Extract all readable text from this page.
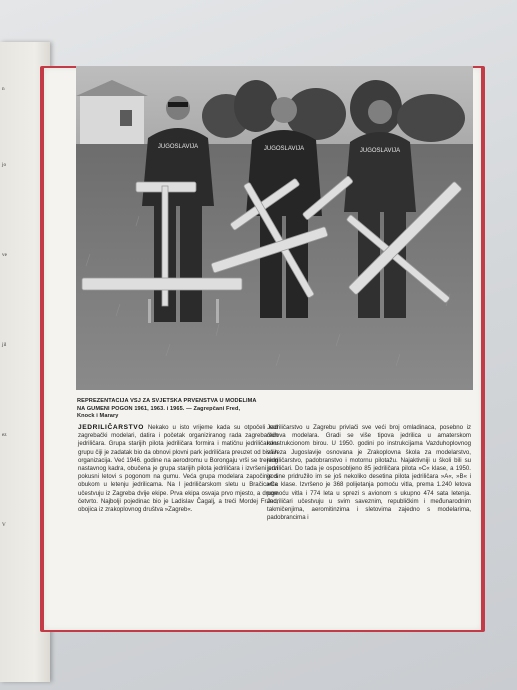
n
jo
ve
jil
ez
V
JUGOSLAVIJA	JUGOSLAVIJA	JUGOSLAVIJA
REPREZENTACIJA VSJ ZA SVJETSKA PRVENSTVA U MODELIMA
NA GUMENI POGON 1961, 1963. i 1965. — Zagrepčani Fred,
Knock i Marary

JEDRILIČARSTVO Nekako u isto vrijeme kada su otpočeli rad zagrebački modelari, datira i početak organiziranog rada zagrebačkih jedriličara. Grupa starijih pilota jedriličara formira i matičnu jedriličarsku grupu čiji je zadatak bio da obnovi plovni park jedriličara preuzet od bivših organizacija. Već 1946. godine na aerodromu u Borongaju vrši se trening nastavnog kadra, obučena je grupa starijih pilota jedriličara i izvršeni prvi pokusni letovi s pogonom na gumu. Veća grupa modelara započinje s obukom u letenju jedrilicama. Na I jedriličarskom sletu u Bračicama učestvuju iz Zagreba dvije ekipe. Prva ekipa osvaja prvo mjesto, a druge četvrto. Najbolji pojedinac bio je Ladislav Čagalj, a treći Mordej Franc, obojica iz zrakoplovnog društva »Zagreb«.

Jedriličarstvo u Zagrebu privlači sve veći broj omladinaca, posebno iz redova modelara. Gradi se više tipova jedrilica u amaterskom konstrukcionom birou. U 1950. godini po instrukcijama Vazduhoplovnog saveza Jugoslavije osnovana je Zrakoplovna škola za modelarstvo, jedriličarstvo, padobranstvo i motornu pilotažu. Najaktivniji u školi bili su jedriličari. Do tada je osposobljeno 85 jedriličara pilota »C« klase, a 1950. godine pridružilo im se još nekoliko desetina pilota jedriličara »A«, »B« i »C« klase. Izvršeno je 368 polijetanja pomoću vitla, prema 1.240 letova pomoću vitla i 774 leta u sprezi s avionom s ukupno 474 sata letenja. Jedriličari učestvuju u svim saveznim, republičkim i međunarodnim takmičenjima, aeromitinzima i sletovima zajedno s modelarima, padobrancima i
